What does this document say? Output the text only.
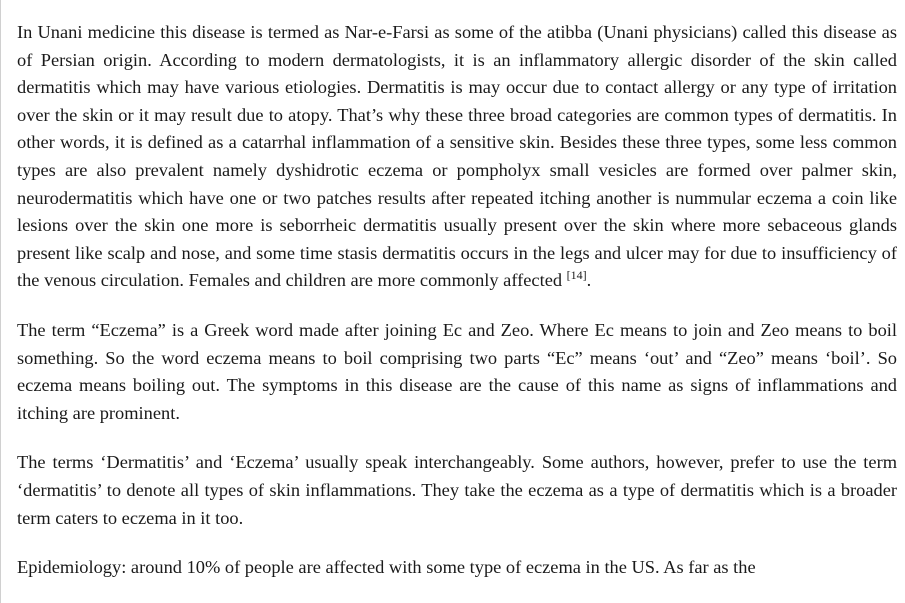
In Unani medicine this disease is termed as Nar-e-Farsi as some of the atibba (Unani physicians) called this disease as of Persian origin. According to modern dermatologists, it is an inflammatory allergic disorder of the skin called dermatitis which may have various etiologies. Dermatitis is may occur due to contact allergy or any type of irritation over the skin or it may result due to atopy. That’s why these three broad categories are common types of dermatitis. In other words, it is defined as a catarrhal inflammation of a sensitive skin. Besides these three types, some less common types are also prevalent namely dyshidrotic eczema or pompholyx small vesicles are formed over palmer skin, neurodermatitis which have one or two patches results after repeated itching another is nummular eczema a coin like lesions over the skin one more is seborrheic dermatitis usually present over the skin where more sebaceous glands present like scalp and nose, and some time stasis dermatitis occurs in the legs and ulcer may for due to insufficiency of the venous circulation. Females and children are more commonly affected [14].

The term “Eczema” is a Greek word made after joining Ec and Zeo. Where Ec means to join and Zeo means to boil something. So the word eczema means to boil comprising two parts “Ec” means ‘out’ and “Zeo” means ‘boil’. So eczema means boiling out. The symptoms in this disease are the cause of this name as signs of inflammations and itching are prominent.

The terms ‘Dermatitis’ and ‘Eczema’ usually speak interchangeably. Some authors, however, prefer to use the term ‘dermatitis’ to denote all types of skin inflammations. They take the eczema as a type of dermatitis which is a broader term caters to eczema in it too.

Epidemiology: around 10% of people are affected with some type of eczema in the US. As far as the
